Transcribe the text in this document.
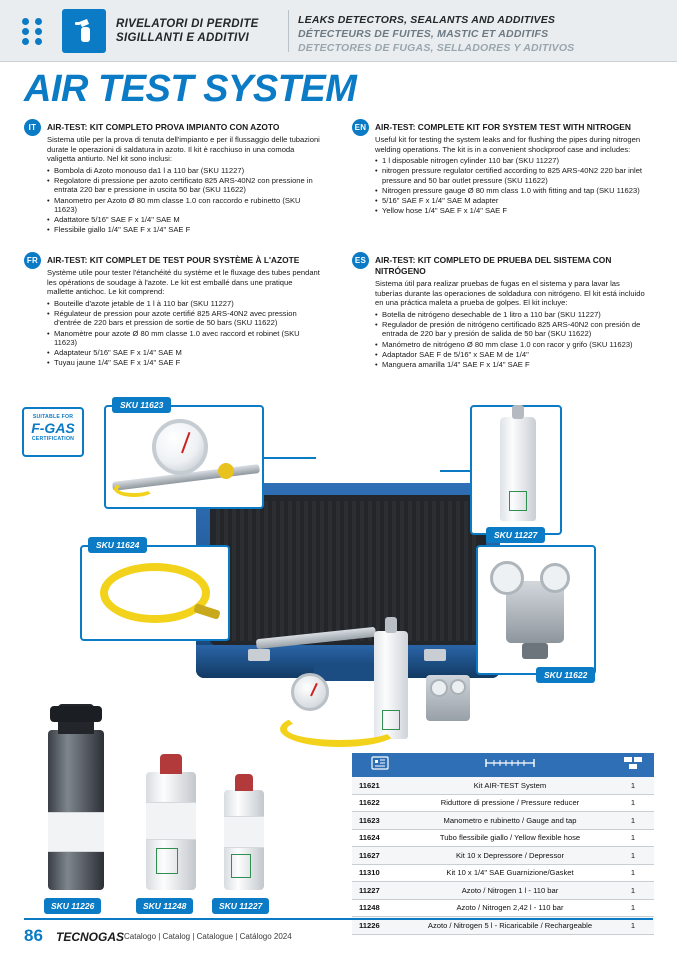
RIVELATORI DI PERDITE SIGILLANTI E ADDITIVI
LEAKS DETECTORS, SEALANTS AND ADDITIVES
DÉTECTEURS DE FUITES, MASTIC ET ADDITIFS
DETECTORES DE FUGAS, SELLADORES Y ADITIVOS
AIR TEST SYSTEM
IT	AIR-TEST: KIT COMPLETO PROVA IMPIANTO CON AZOTO
Sistema utile per la prova di tenuta dell'impianto e per il flussaggio delle tubazioni durate le operazioni di saldatura in azoto. Il kit è racchiuso in una comoda valigetta antiurto. Nel kit sono inclusi:
• Bombola di Azoto monouso da1 l a 110 bar (SKU 11227)
• Regolatore di pressione per azoto certificato 825 ARS-40N2 con pressione in entrata 220 bar e pressione in uscita 50 bar (SKU 11622)
• Manometro per Azoto Ø 80 mm classe 1.0 con raccordo e rubinetto (SKU 11623)
• Adattatore 5/16" SAE F x 1/4" SAE M
• Flessibile giallo 1/4" SAE F x 1/4" SAE F
EN	AIR-TEST: COMPLETE KIT FOR SYSTEM TEST WITH NITROGEN
Useful kit for testing the system leaks and for flushing the pipes during nitrogen welding operations. The kit is in a convenient shockproof case and includes:
• 1 l disposable nitrogen cylinder 110 bar (SKU 11227)
• nitrogen pressure regulator certified according to 825 ARS-40N2 220 bar inlet pressure and 50 bar outlet pressure (SKU 11622)
• Nitrogen pressure gauge Ø 80 mm class 1.0 with fitting and tap (SKU 11623)
• 5/16" SAE F x 1/4" SAE M adapter
• Yellow hose 1/4" SAE F x 1/4" SAE F
FR	AIR-TEST: KIT COMPLET DE TEST POUR SYSTÈME À L'AZOTE
Système utile pour tester l'étanchéité du système et le fluxage des tubes pendant les opérations de soudage à l'azote. Le kit est emballé dans une pratique mallette antichoc. Le kit comprend:
• Bouteille d'azote jetable de 1 l à 110 bar (SKU 11227)
• Régulateur de pression pour azote certifié 825 ARS-40N2 avec pression d'entrée de 220 bars et pression de sortie de 50 bars (SKU 11622)
• Manomètre pour azote Ø 80 mm classe 1.0 avec raccord et robinet (SKU 11623)
• Adaptateur 5/16" SAE F x 1/4" SAE M
• Tuyau jaune 1/4" SAE F x 1/4" SAE F
ES	AIR-TEST: KIT COMPLETO DE PRUEBA DEL SISTEMA CON NITRÓGENO
Sistema útil para realizar pruebas de fugas en el sistema y para lavar las tuberías durante las operaciones de soldadura con nitrógeno. El kit está incluido en una práctica maleta a prueba de golpes. El kit incluye:
• Botella de nitrógeno desechable de 1 litro a 110 bar (SKU 11227)
• Regulador de presión de nitrógeno certificado 825 ARS-40N2 con presión de entrada de 220 bar y presión de salida de 50 bar (SKU 11622)
• Manómetro de nitrógeno Ø 80 mm clase 1.0 con racor y grifo (SKU 11623)
• Adaptador SAE F de 5/16" x SAE M de 1/4"
• Manguera amarilla 1/4" SAE F x 1/4" SAE F
SUITABLE FOR
F-GAS
CERTIFICATION
SKU 11623
SKU 11624
SKU 11227
SKU 11622
SKU 11226	SKU 11248	SKU 11227
11621	Kit AIR-TEST System	1
11622	Riduttore di pressione / Pressure reducer	1
11623	Manometro e rubinetto / Gauge and tap	1
11624	Tubo flessibile giallo / Yellow flexible hose	1
11627	Kit 10 x Depressore / Depressor	1
11310	Kit 10 x 1/4" SAE Guarnizione/Gasket	1
11227	Azoto / Nitrogen 1 l - 110 bar	1
11248	Azoto / Nitrogen 2,42 l - 110 bar	1
11226	Azoto / Nitrogen 5 l - Ricaricabile / Rechargeable	1
86 TECNOGAS Catalogo | Catalog | Catalogue | Catálogo 2024
